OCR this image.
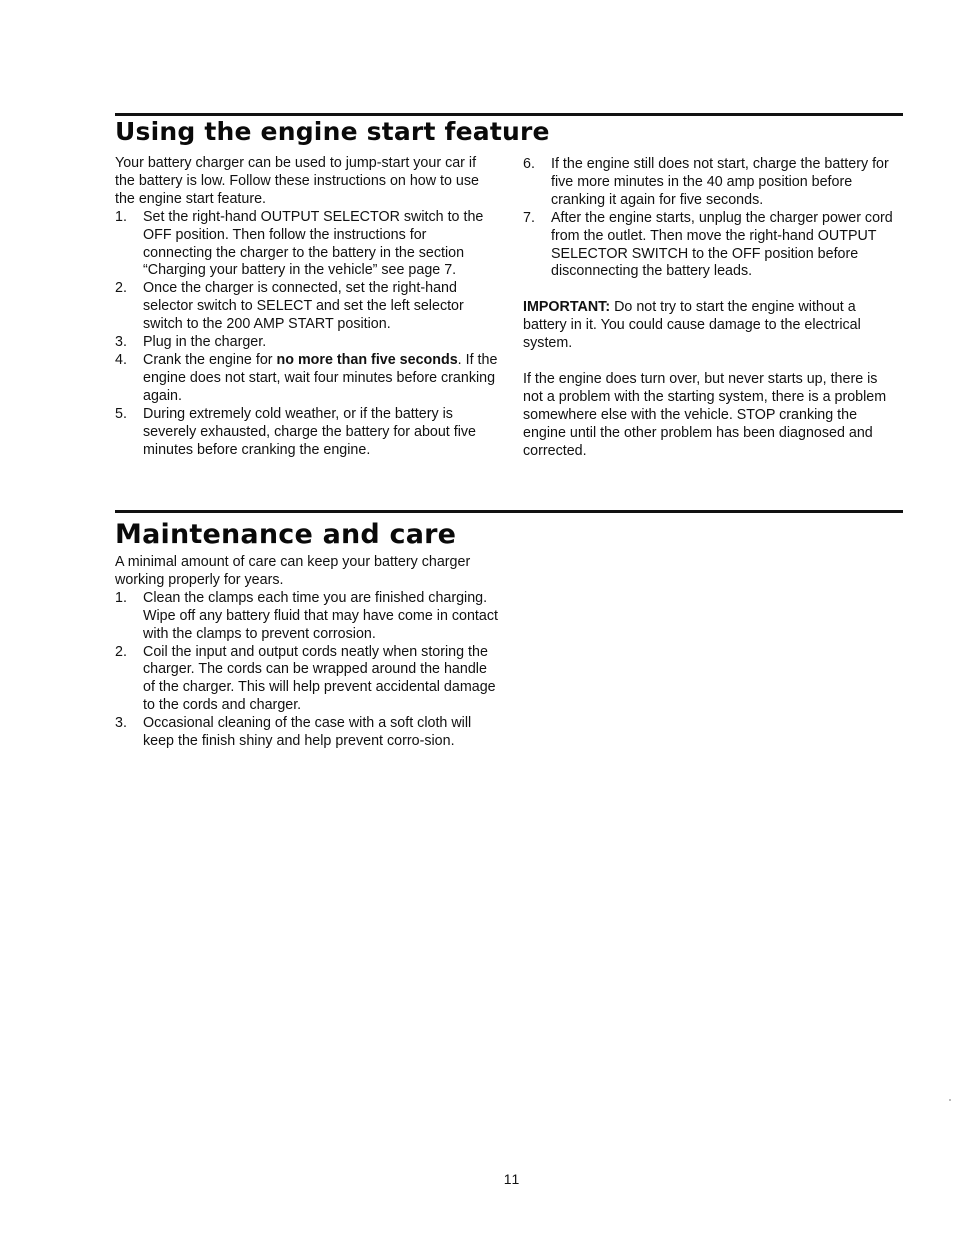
Using the engine start feature

Your battery charger can be used to jump-start your car if the battery is low. Follow these instructions on how to use the engine start feature.

1. Set the right-hand OUTPUT SELECTOR switch to the OFF position. Then follow the instructions for connecting the charger to the battery in the section “Charging your battery in the vehicle” see page 7.
2. Once the charger is connected, set the right-hand selector switch to SELECT and set the left selector switch to the 200 AMP START position.
3. Plug in the charger.
4. Crank the engine for no more than five seconds. If the engine does not start, wait four minutes before cranking again.
5. During extremely cold weather, or if the battery is severely exhausted, charge the battery for about five minutes before cranking the engine.
6. If the engine still does not start, charge the battery for five more minutes in the 40 amp position before cranking it again for five seconds.
7. After the engine starts, unplug the charger power cord from the outlet. Then move the right-hand OUTPUT SELECTOR SWITCH to the OFF position before disconnecting the battery leads.

IMPORTANT: Do not try to start the engine without a battery in it. You could cause damage to the electrical system.

If the engine does turn over, but never starts up, there is not a problem with the starting system, there is a problem somewhere else with the vehicle. STOP cranking the engine until the other problem has been diagnosed and corrected.

Maintenance and care

A minimal amount of care can keep your battery charger working properly for years.

1. Clean the clamps each time you are finished charging. Wipe off any battery fluid that may have come in contact with the clamps to prevent corrosion.
2. Coil the input and output cords neatly when storing the charger. The cords can be wrapped around the handle of the charger. This will help prevent accidental damage to the cords and charger.
3. Occasional cleaning of the case with a soft cloth will keep the finish shiny and help prevent corro-sion.
11
